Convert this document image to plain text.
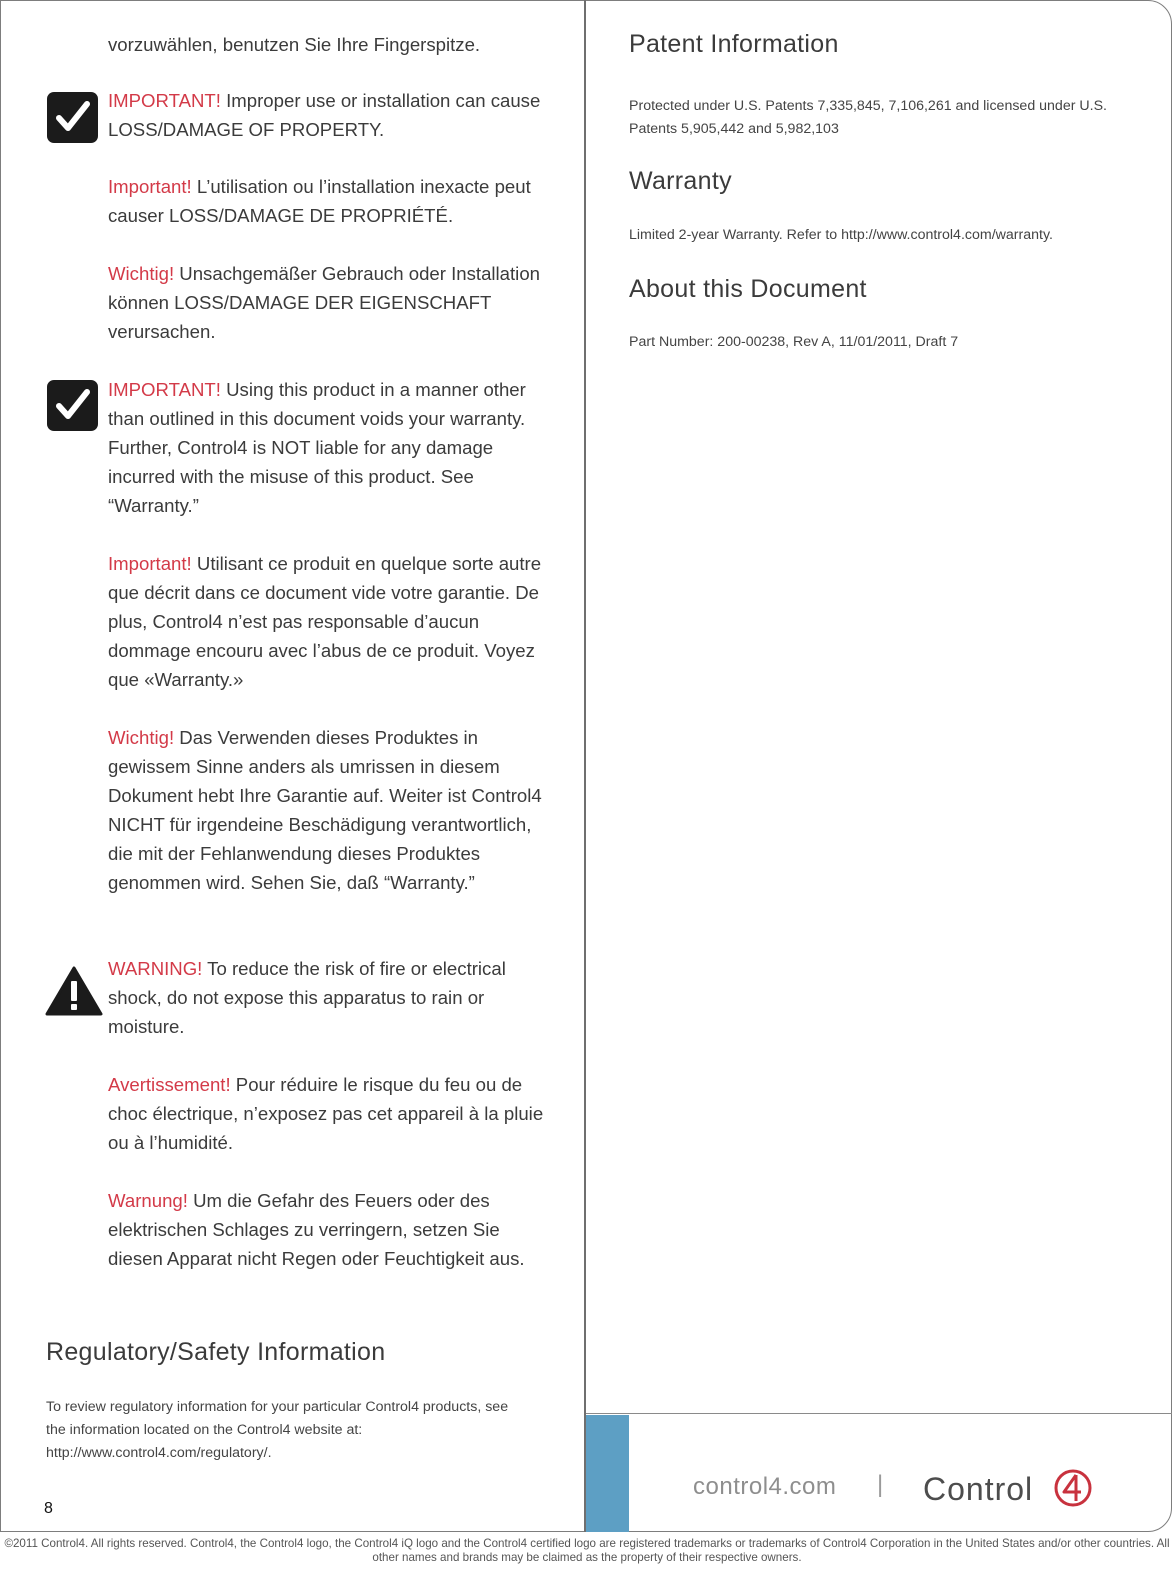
vorzuwählen, benutzen Sie Ihre Fingerspitze.

IMPORTANT! Improper use or installation can cause LOSS/DAMAGE OF PROPERTY.

Important! L’utilisation ou l’installation inexacte peut causer LOSS/DAMAGE DE PROPRIÉTÉ.

Wichtig! Unsachgemäßer Gebrauch oder Installation können LOSS/DAMAGE DER EIGENSCHAFT verursachen.

IMPORTANT! Using this product in a manner other than outlined in this document voids your warranty. Further, Control4 is NOT liable for any damage incurred with the misuse of this product. See “Warranty.”

Important! Utilisant ce produit en quelque sorte autre que décrit dans ce document vide votre garantie. De plus, Control4 n’est pas responsable d’aucun dommage encouru avec l’abus de ce produit. Voyez que «Warranty.»

Wichtig! Das Verwenden dieses Produktes in gewissem Sinne anders als umrissen in diesem Dokument hebt Ihre Garantie auf. Weiter ist Control4 NICHT für irgendeine Beschädigung verantwortlich, die mit der Fehlanwendung dieses Produktes genommen wird. Sehen Sie, daß “Warranty.”

WARNING! To reduce the risk of fire or electrical shock, do not expose this apparatus to rain or moisture.

Avertissement! Pour réduire le risque du feu ou de choc électrique, n’exposez pas cet appareil à la pluie ou à l’humidité.

Warnung! Um die Gefahr des Feuers oder des elektrischen Schlages zu verringern, setzen Sie diesen Apparat nicht Regen oder Feuchtigkeit aus.

Regulatory/Safety Information

To review regulatory information for your particular Control4 products, see the information located on the Control4 website at: http://www.control4.com/regulatory/.

8
Patent Information

Protected under U.S. Patents 7,335,845, 7,106,261 and licensed under U.S. Patents 5,905,442 and 5,982,103

Warranty

Limited 2-year Warranty. Refer to http://www.control4.com/warranty.

About this Document

Part Number: 200-00238, Rev A, 11/01/2011, Draft 7

control4.com | Control
©2011 Control4. All rights reserved. Control4, the Control4 logo, the Control4 iQ logo and the Control4 certified logo are registered trademarks or trademarks of Control4 Corporation in the United States and/or other countries. All other names and brands may be claimed as the property of their respective owners.
